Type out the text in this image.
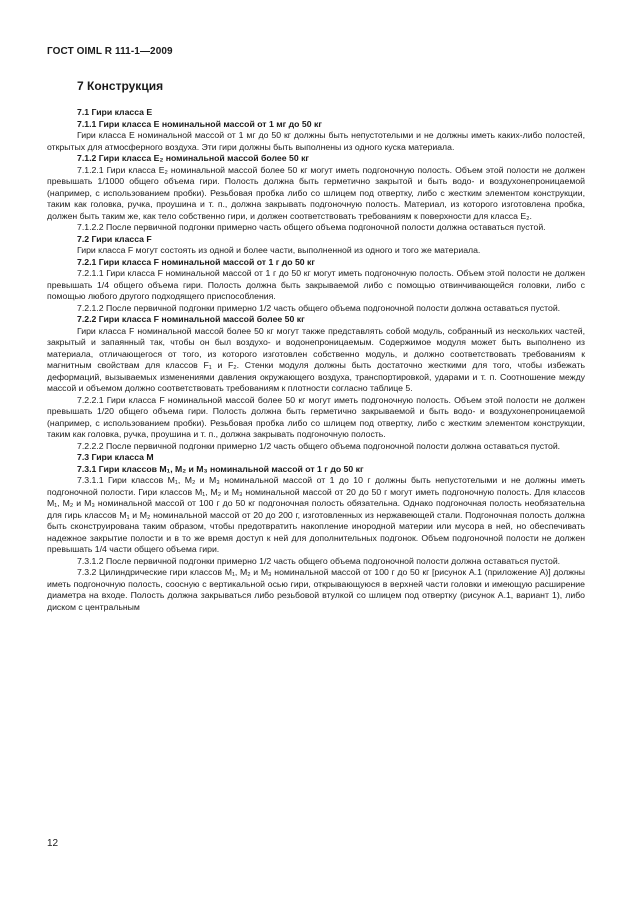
ГОСТ OIML R 111-1—2009

7 Конструкция

7.1 Гири класса Е

7.1.1 Гири класса Е номинальной массой от 1 мг до 50 кг

Гири класса Е номинальной массой от 1 мг до 50 кг должны быть непустотелыми и не должны иметь каких-либо полостей, открытых для атмосферного воздуха. Эти гири должны быть выполнены из одного куска материала.

7.1.2 Гири класса Е₂ номинальной массой более 50 кг

7.1.2.1 Гири класса Е₂ номинальной массой более 50 кг могут иметь подгоночную полость. Объем этой полости не должен превышать 1/1000 общего объема гири. Полость должна быть герметично закрытой и быть водо- и воздухонепроницаемой (например, с использованием пробки). Резьбовая пробка либо со шлицем под отвертку, либо с жестким элементом конструкции, таким как головка, ручка, проушина и т. п., должна закрывать подгоночную полость. Материал, из которого изготовлена пробка, должен быть таким же, как тело собственно гири, и должен соответствовать требованиям к поверхности для класса Е₂.

7.1.2.2 После первичной подгонки примерно часть общего объема подгоночной полости должна оставаться пустой.

7.2 Гири класса F

Гири класса F могут состоять из одной и более части, выполненной из одного и того же материала.

7.2.1 Гири класса F номинальной массой от 1 г до 50 кг

7.2.1.1 Гири класса F номинальной массой от 1 г до 50 кг могут иметь подгоночную полость. Объем этой полости не должен превышать 1/4 общего объема гири. Полость должна быть закрываемой либо с помощью отвинчивающейся головки, либо с помощью любого другого подходящего приспособления.

7.2.1.2 После первичной подгонки примерно 1/2 часть общего объема подгоночной полости должна оставаться пустой.

7.2.2 Гири класса F номинальной массой более 50 кг

Гири класса F номинальной массой более 50 кг могут также представлять собой модуль, собранный из нескольких частей, закрытый и запаянный так, чтобы он был воздухо- и водонепроницаемым. Содержимое модуля может быть выполнено из материала, отличающегося от того, из которого изготовлен собственно модуль, и должно соответствовать требованиям к магнитным свойствам для классов F₁ и F₂. Стенки модуля должны быть достаточно жесткими для того, чтобы избежать деформаций, вызываемых изменениями давления окружающего воздуха, транспортировкой, ударами и т. п. Соотношение между массой и объемом должно соответствовать требованиям к плотности согласно таблице 5.

7.2.2.1 Гири класса F номинальной массой более 50 кг могут иметь подгоночную полость. Объем этой полости не должен превышать 1/20 общего объема гири. Полость должна быть герметично закрываемой и быть водо- и воздухонепроницаемой (например, с использованием пробки). Резьбовая пробка либо со шлицем под отвертку, либо с жестким элементом конструкции, таким как головка, ручка, проушина и т. п., должна закрывать подгоночную полость.

7.2.2.2 После первичной подгонки примерно 1/2 часть общего объема подгоночной полости должна оставаться пустой.

7.3 Гири класса М

7.3.1 Гири классов М₁, М₂ и М₃ номинальной массой от 1 г до 50 кг

7.3.1.1 Гири классов М₁, М₂ и М₃ номинальной массой от 1 до 10 г должны быть непустотелыми и не должны иметь подгоночной полости. Гири классов М₁, М₂ и М₃ номинальной массой от 20 до 50 г могут иметь подгоночную полость. Для классов М₁, М₂ и М₃ номинальной массой от 100 г до 50 кг подгоночная полость обязательна. Однако подгоночная полость необязательна для гирь классов М₁ и М₂ номинальной массой от 20 до 200 г, изготовленных из нержавеющей стали. Подгоночная полость должна быть сконструирована таким образом, чтобы предотвратить накопление инородной материи или мусора в ней, но обеспечивать надежное закрытие полости и в то же время доступ к ней для дополнительных подгонок. Объем подгоночной полости не должен превышать 1/4 части общего объема гири.

7.3.1.2 После первичной подгонки примерно 1/2 часть общего объема подгоночной полости должна оставаться пустой.

7.3.2 Цилиндрические гири классов М₁, М₂ и М₃ номинальной массой от 100 г до 50 кг [рисунок А.1 (приложение А)] должны иметь подгоночную полость, соосную с вертикальной осью гири, открывающуюся в верхней части головки и имеющую расширение диаметра на входе. Полость должна закрываться либо резьбовой втулкой со шлицем под отвертку (рисунок А.1, вариант 1), либо диском с центральным

12
